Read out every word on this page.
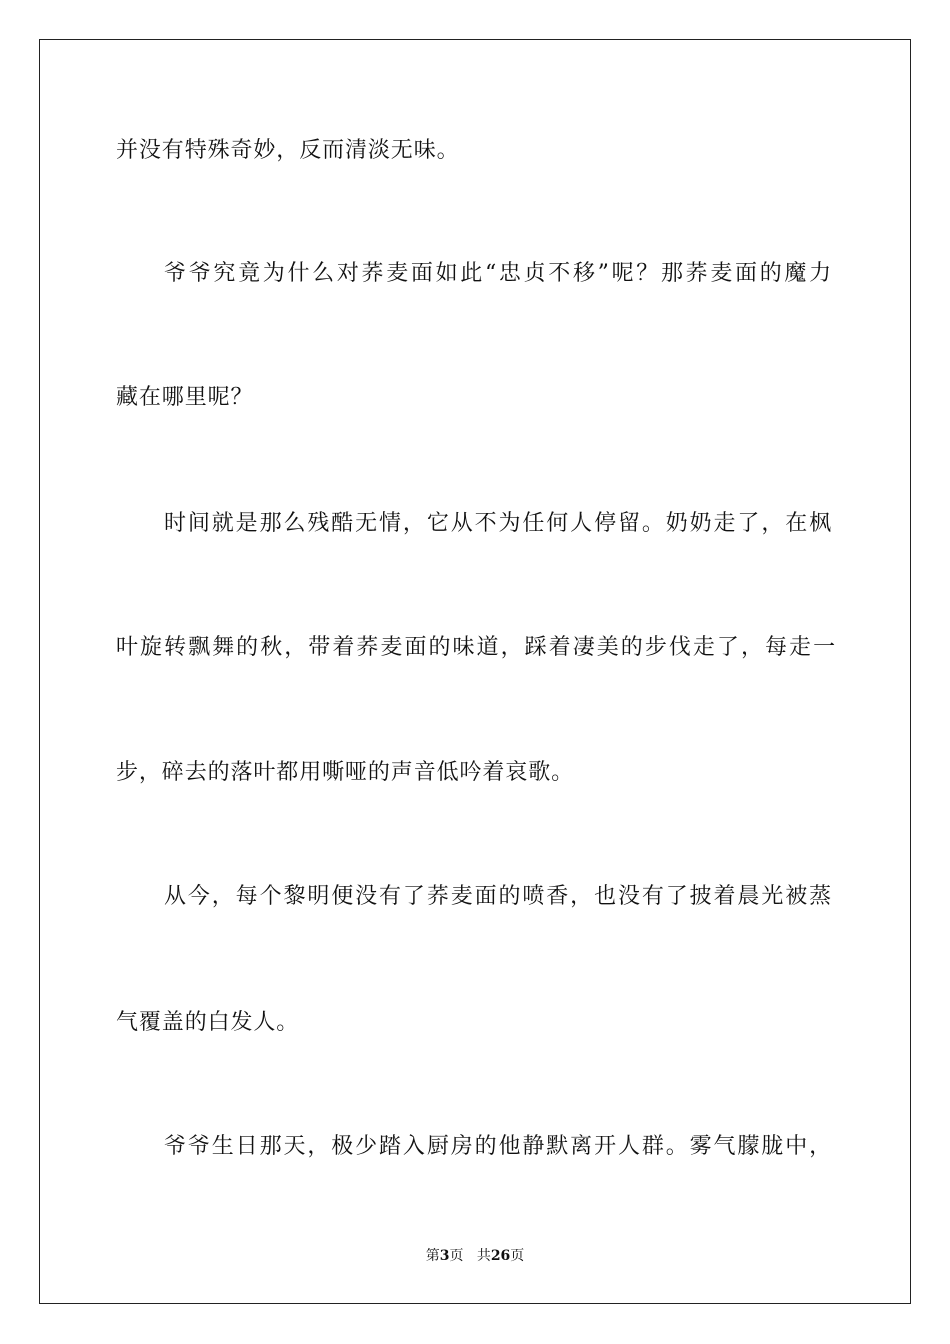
并没有特殊奇妙，反而清淡无味。
爷爷究竟为什么对荞麦面如此“忠贞不移”呢？那荞麦面的魔力
藏在哪里呢？
时间就是那么残酷无情，它从不为任何人停留。奶奶走了，在枫
叶旋转飘舞的秋，带着荞麦面的味道，踩着凄美的步伐走了，每走一
步，碎去的落叶都用嘶哑的声音低吟着哀歌。
从今，每个黎明便没有了荞麦面的喷香，也没有了披着晨光被蒸
气覆盖的白发人。
爷爷生日那天，极少踏入厨房的他静默离开人群。雾气朦胧中，
第3页 共26页
